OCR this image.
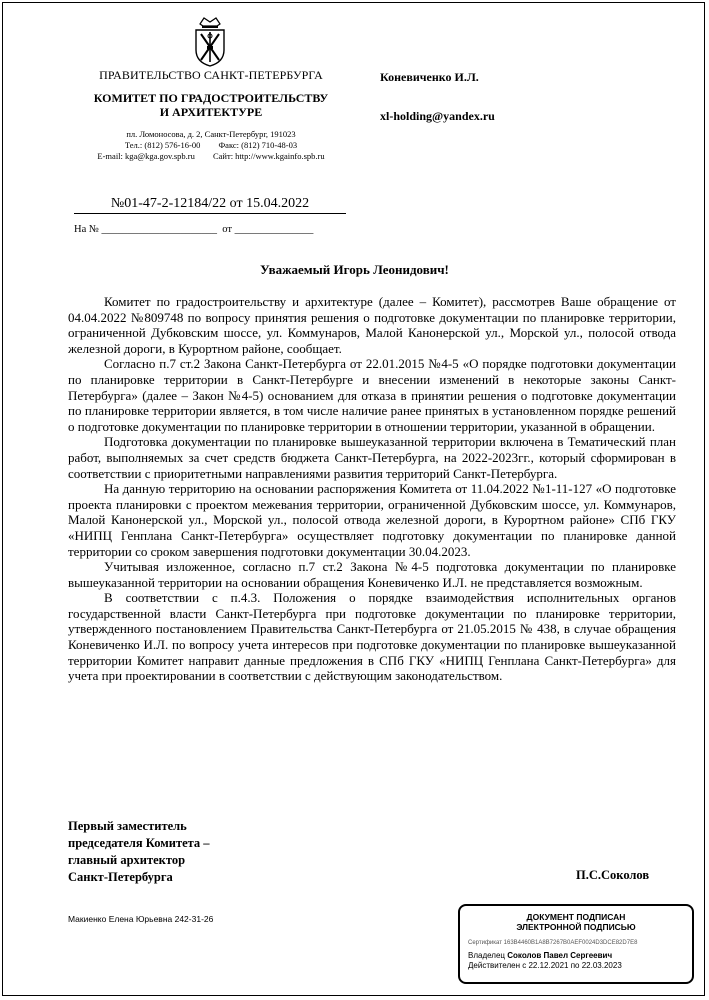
ПРАВИТЕЛЬСТВО САНКТ-ПЕТЕРБУРГА
КОМИТЕТ ПО ГРАДОСТРОИТЕЛЬСТВУ
И АРХИТЕКТУРЕ
пл. Ломоносова, д. 2, Санкт-Петербург, 191023
Тел.: (812) 576-16-00 Факс: (812) 710-48-03
E-mail: kga@kga.gov.spb.ru Сайт: http://www.kgainfo.spb.ru
Коневиченко И.Л.
xl-holding@yandex.ru
№01-47-2-12184/22 от 15.04.2022
На № ______________________  от _______________
Уважаемый Игорь Леонидович!

Комитет по градостроительству и архитектуре (далее – Комитет), рассмотрев Ваше обращение от 04.04.2022 №809748 по вопросу принятия решения о подготовке документации по планировке территории, ограниченной Дубковским шоссе, ул. Коммунаров, Малой Канонерской ул., Морской ул., полосой отвода железной дороги, в Курортном районе, сообщает.

Согласно п.7 ст.2 Закона Санкт-Петербурга от 22.01.2015 №4-5 «О порядке подготовки документации по планировке территории в Санкт-Петербурге и внесении изменений в некоторые законы Санкт-Петербурга» (далее – Закон №4-5) основанием для отказа в принятии решения о подготовке документации по планировке территории является, в том числе наличие ранее принятых в установленном порядке решений о подготовке документации по планировке территории в отношении территории, указанной в обращении.

Подготовка документации по планировке вышеуказанной территории включена в Тематический план работ, выполняемых за счет средств бюджета Санкт-Петербурга, на 2022-2023гг., который сформирован в соответствии с приоритетными направлениями развития территорий Санкт-Петербурга.

На данную территорию на основании распоряжения Комитета от 11.04.2022 №1-11-127 «О подготовке проекта планировки с проектом межевания территории, ограниченной Дубковским шоссе, ул. Коммунаров, Малой Канонерской ул., Морской ул., полосой отвода железной дороги, в Курортном районе» СПб ГКУ «НИПЦ Генплана Санкт-Петербурга» осуществляет подготовку документации по планировке данной территории со сроком завершения подготовки документации 30.04.2023.

Учитывая изложенное, согласно п.7 ст.2 Закона №4-5 подготовка документации по планировке вышеуказанной территории на основании обращения Коневиченко И.Л. не представляется возможным.

В соответствии с п.4.3. Положения о порядке взаимодействия исполнительных органов государственной власти Санкт-Петербурга при подготовке документации по планировке территории, утвержденного постановлением Правительства Санкт-Петербурга от 21.05.2015 № 438, в случае обращения Коневиченко И.Л. по вопросу учета интересов при подготовке документации по планировке вышеуказанной территории Комитет направит данные предложения в СПб ГКУ «НИПЦ Генплана Санкт-Петербурга» для учета при проектировании в соответствии с действующим законодательством.

Первый заместитель
председателя Комитета –
главный архитектор
Санкт-Петербурга	П.С.Соколов
Макиенко Елена Юрьевна 242-31-26	ДОКУМЕНТ ПОДПИСАН
ЭЛЕКТРОННОЙ ПОДПИСЬЮ
Сертификат 163B4460B1A8B7267B0AEF0024D3DCE82D7E8
Владелец Соколов Павел Сергеевич
Действителен с 22.12.2021 по 22.03.2023
